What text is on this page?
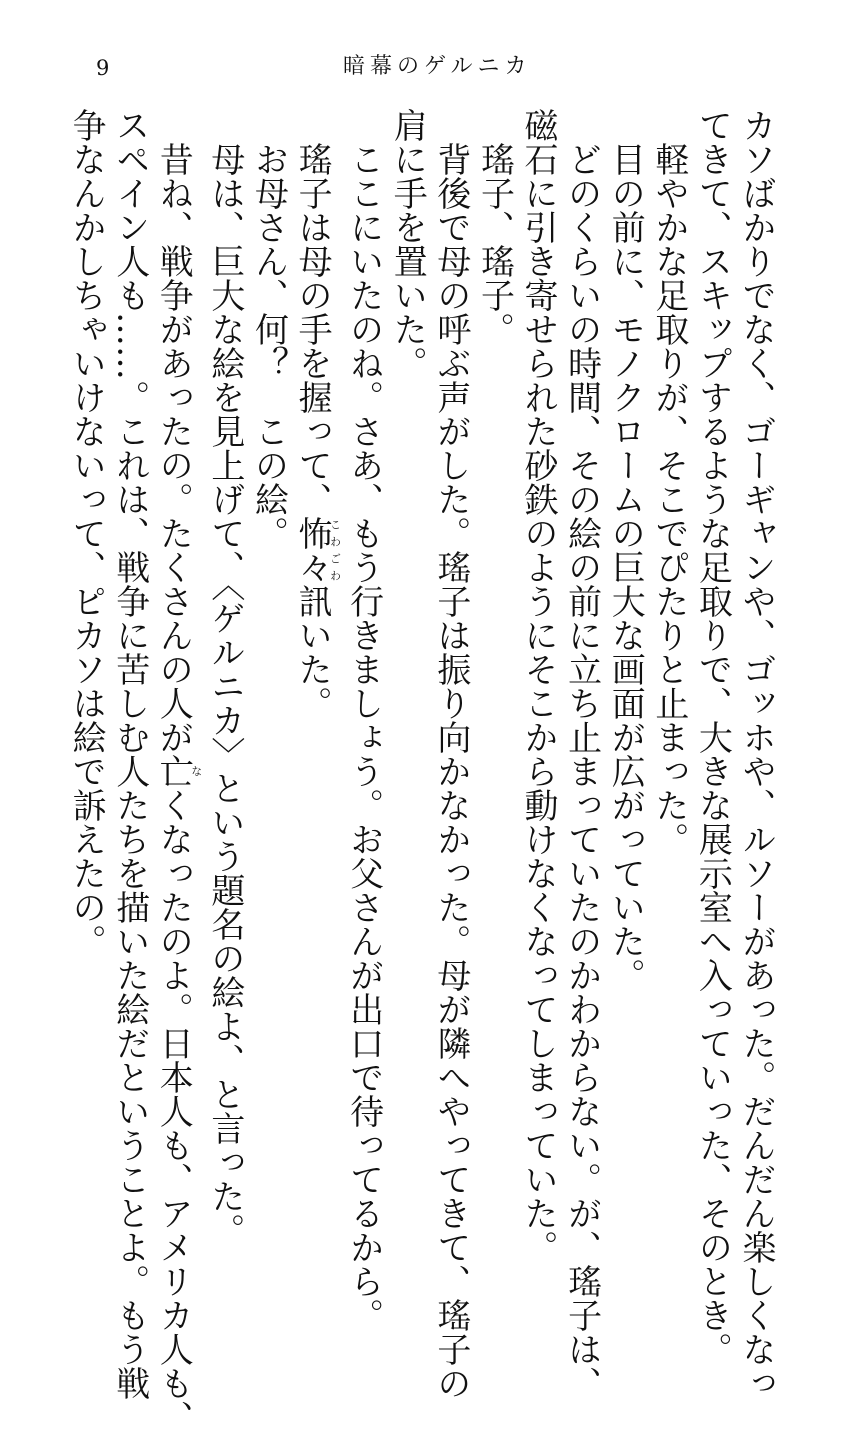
9	暗幕のゲルニカ

カソばかりでなく、ゴーギャンや、ゴッホや、ルソーがあった。だんだん楽しくなっ

てきて、スキップするような足取りで、大きな展示室へ入っていった、そのとき。

　軽やかな足取りが、そこでぴたりと止まった。

　目の前に、モノクロームの巨大な画面が広がっていた。

　どのくらいの時間、その絵の前に立ち止まっていたのかわからない。が、瑤子は、

磁石に引き寄せられた砂鉄のようにそこから動けなくなってしまっていた。

　瑤子、瑤子。

　背後で母の呼ぶ声がした。瑤子は振り向かなかった。母が隣へやってきて、瑤子の

肩に手を置いた。

　ここにいたのね。さあ、もう行きましょう。お父さんが出口で待ってるから。

　瑤子は母の手を握って、怖々こわごわ訊いた。

　お母さん、何？　この絵。

　母は、巨大な絵を見上げて、〈ゲルニカ〉という題名の絵よ、と言った。

　昔ね、戦争があったの。たくさんの人が亡なくなったのよ。日本人も、アメリカ人も、

スペイン人も……。これは、戦争に苦しむ人たちを描いた絵だということよ。もう戦

争なんかしちゃいけないって、ピカソは絵で訴えたの。
